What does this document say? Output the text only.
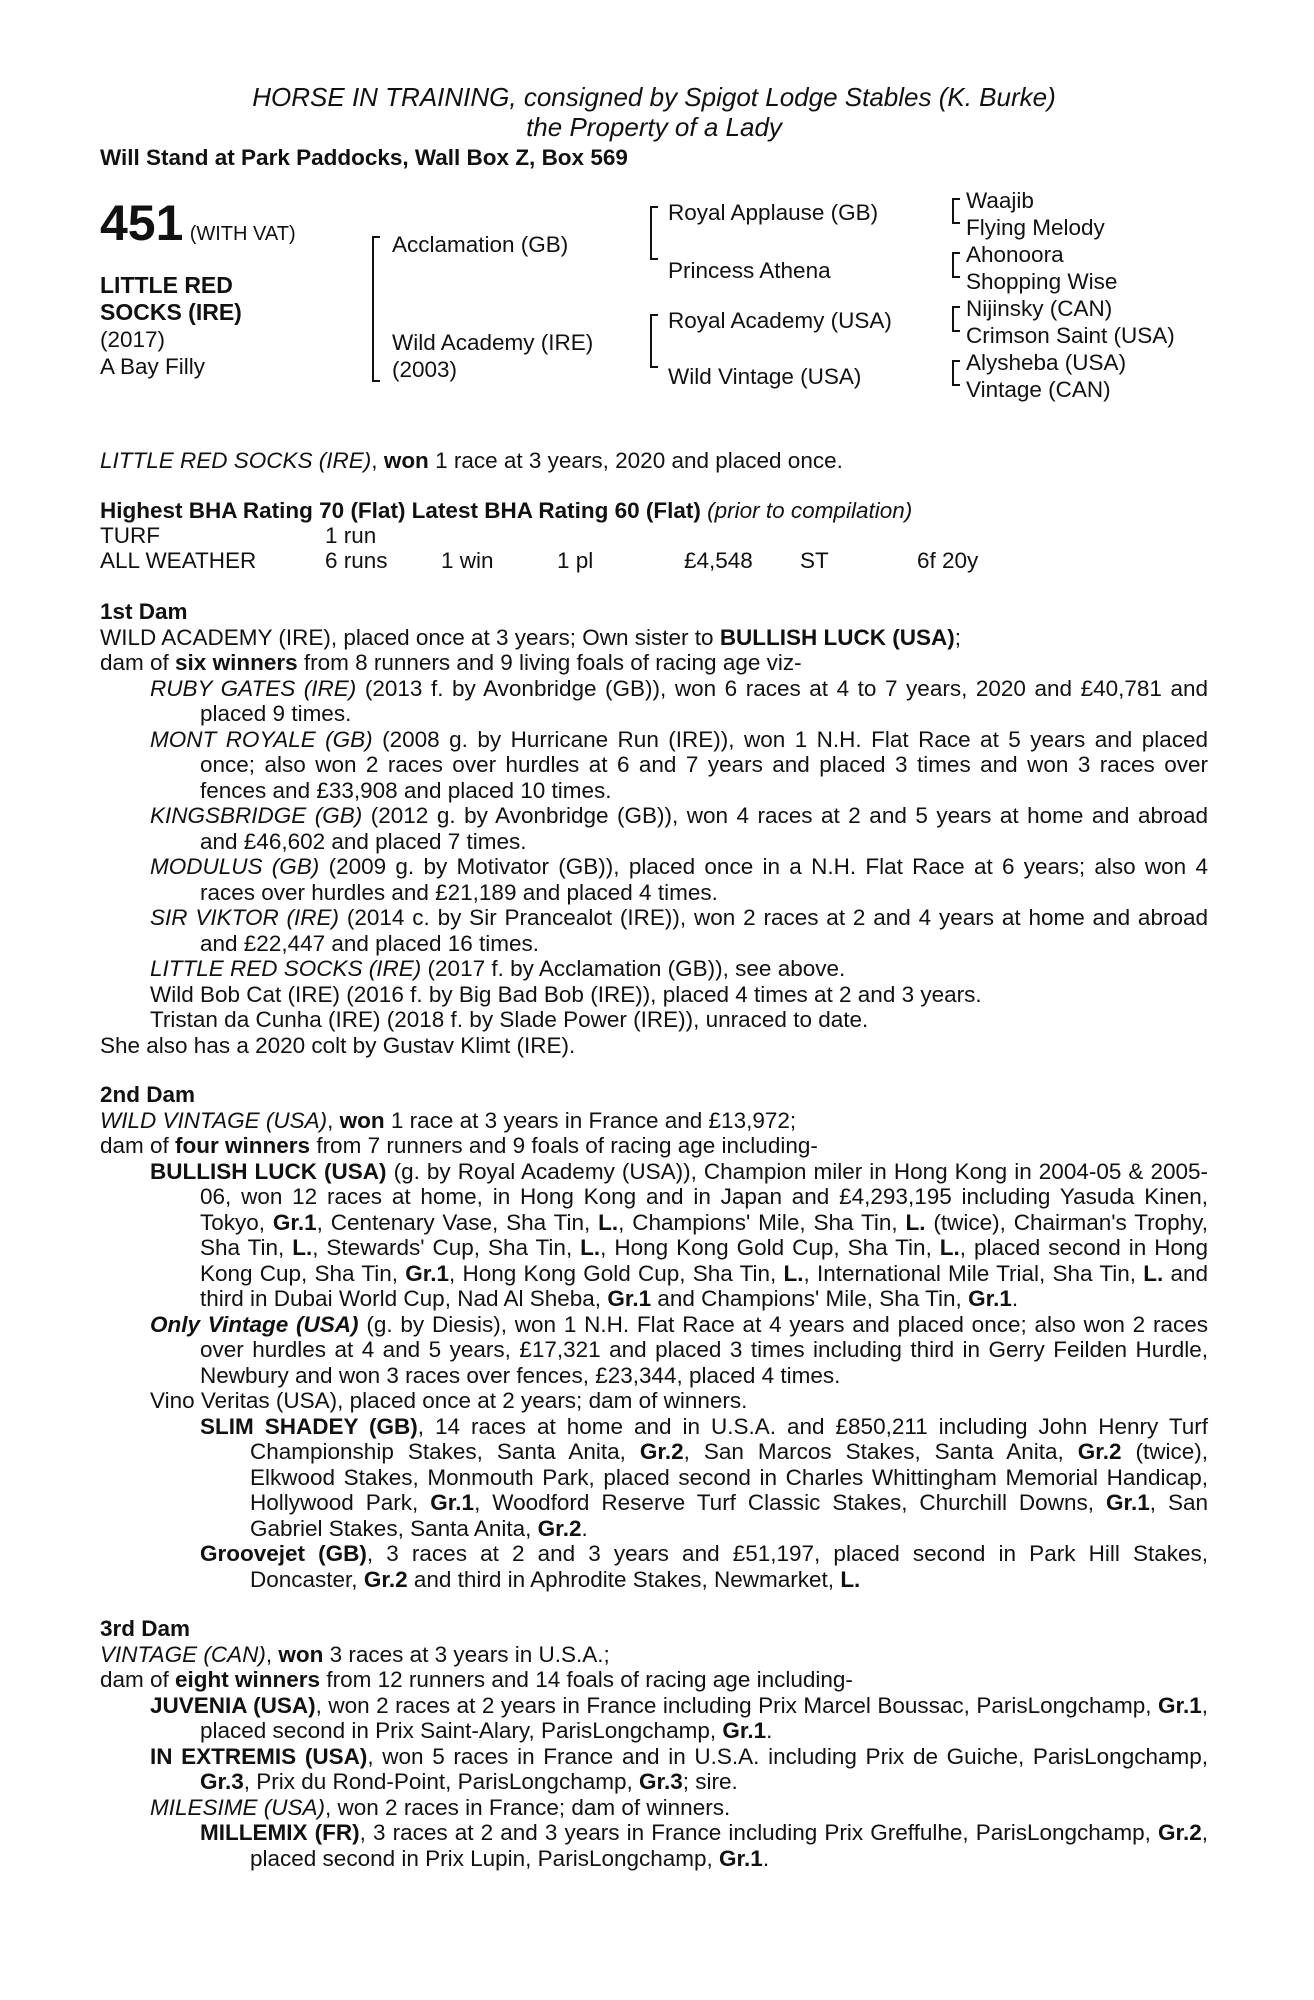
HORSE IN TRAINING, consigned by Spigot Lodge Stables (K. Burke)
the Property of a Lady
Will Stand at Park Paddocks, Wall Box Z, Box 569
451 (WITH VAT)
LITTLE RED
SOCKS (IRE)
(2017)
A Bay Filly
Acclamation (GB)
Wild Academy (IRE)
(2003)
Royal Applause (GB)
Princess Athena
Royal Academy (USA)
Wild Vintage (USA)
Waajib
Flying Melody
Ahonoora
Shopping Wise
Nijinsky (CAN)
Crimson Saint (USA)
Alysheba (USA)
Vintage (CAN)

LITTLE RED SOCKS (IRE), won 1 race at 3 years, 2020 and placed once.

Highest BHA Rating 70 (Flat) Latest BHA Rating 60 (Flat) (prior to compilation)
TURF	1 run
ALL WEATHER	6 runs 1 win	1 pl	£4,548 ST	6f 20y
1st Dam

WILD ACADEMY (IRE), placed once at 3 years; Own sister to BULLISH LUCK (USA);

dam of six winners from 8 runners and 9 living foals of racing age viz-

RUBY GATES (IRE) (2013 f. by Avonbridge (GB)), won 6 races at 4 to 7 years, 2020 and £40,781 and placed 9 times.

MONT ROYALE (GB) (2008 g. by Hurricane Run (IRE)), won 1 N.H. Flat Race at 5 years and placed once; also won 2 races over hurdles at 6 and 7 years and placed 3 times and won 3 races over fences and £33,908 and placed 10 times.

KINGSBRIDGE (GB) (2012 g. by Avonbridge (GB)), won 4 races at 2 and 5 years at home and abroad and £46,602 and placed 7 times.

MODULUS (GB) (2009 g. by Motivator (GB)), placed once in a N.H. Flat Race at 6 years; also won 4 races over hurdles and £21,189 and placed 4 times.

SIR VIKTOR (IRE) (2014 c. by Sir Prancealot (IRE)), won 2 races at 2 and 4 years at home and abroad and £22,447 and placed 16 times.

LITTLE RED SOCKS (IRE) (2017 f. by Acclamation (GB)), see above.

Wild Bob Cat (IRE) (2016 f. by Big Bad Bob (IRE)), placed 4 times at 2 and 3 years.

Tristan da Cunha (IRE) (2018 f. by Slade Power (IRE)), unraced to date.

She also has a 2020 colt by Gustav Klimt (IRE).

2nd Dam

WILD VINTAGE (USA), won 1 race at 3 years in France and £13,972;

dam of four winners from 7 runners and 9 foals of racing age including-

BULLISH LUCK (USA) (g. by Royal Academy (USA)), Champion miler in Hong Kong in 2004-05 & 2005-06, won 12 races at home, in Hong Kong and in Japan and £4,293,195 including Yasuda Kinen, Tokyo, Gr.1, Centenary Vase, Sha Tin, L., Champions' Mile, Sha Tin, L. (twice), Chairman's Trophy, Sha Tin, L., Stewards' Cup, Sha Tin, L., Hong Kong Gold Cup, Sha Tin, L., placed second in Hong Kong Cup, Sha Tin, Gr.1, Hong Kong Gold Cup, Sha Tin, L., International Mile Trial, Sha Tin, L. and third in Dubai World Cup, Nad Al Sheba, Gr.1 and Champions' Mile, Sha Tin, Gr.1.

Only Vintage (USA) (g. by Diesis), won 1 N.H. Flat Race at 4 years and placed once; also won 2 races over hurdles at 4 and 5 years, £17,321 and placed 3 times including third in Gerry Feilden Hurdle, Newbury and won 3 races over fences, £23,344, placed 4 times.

Vino Veritas (USA), placed once at 2 years; dam of winners.

SLIM SHADEY (GB), 14 races at home and in U.S.A. and £850,211 including John Henry Turf Championship Stakes, Santa Anita, Gr.2, San Marcos Stakes, Santa Anita, Gr.2 (twice), Elkwood Stakes, Monmouth Park, placed second in Charles Whittingham Memorial Handicap, Hollywood Park, Gr.1, Woodford Reserve Turf Classic Stakes, Churchill Downs, Gr.1, San Gabriel Stakes, Santa Anita, Gr.2.

Groovejet (GB), 3 races at 2 and 3 years and £51,197, placed second in Park Hill Stakes, Doncaster, Gr.2 and third in Aphrodite Stakes, Newmarket, L.

3rd Dam

VINTAGE (CAN), won 3 races at 3 years in U.S.A.;

dam of eight winners from 12 runners and 14 foals of racing age including-

JUVENIA (USA), won 2 races at 2 years in France including Prix Marcel Boussac, ParisLongchamp, Gr.1, placed second in Prix Saint-Alary, ParisLongchamp, Gr.1.

IN EXTREMIS (USA), won 5 races in France and in U.S.A. including Prix de Guiche, ParisLongchamp, Gr.3, Prix du Rond-Point, ParisLongchamp, Gr.3; sire.

MILESIME (USA), won 2 races in France; dam of winners.

MILLEMIX (FR), 3 races at 2 and 3 years in France including Prix Greffulhe, ParisLongchamp, Gr.2, placed second in Prix Lupin, ParisLongchamp, Gr.1.
